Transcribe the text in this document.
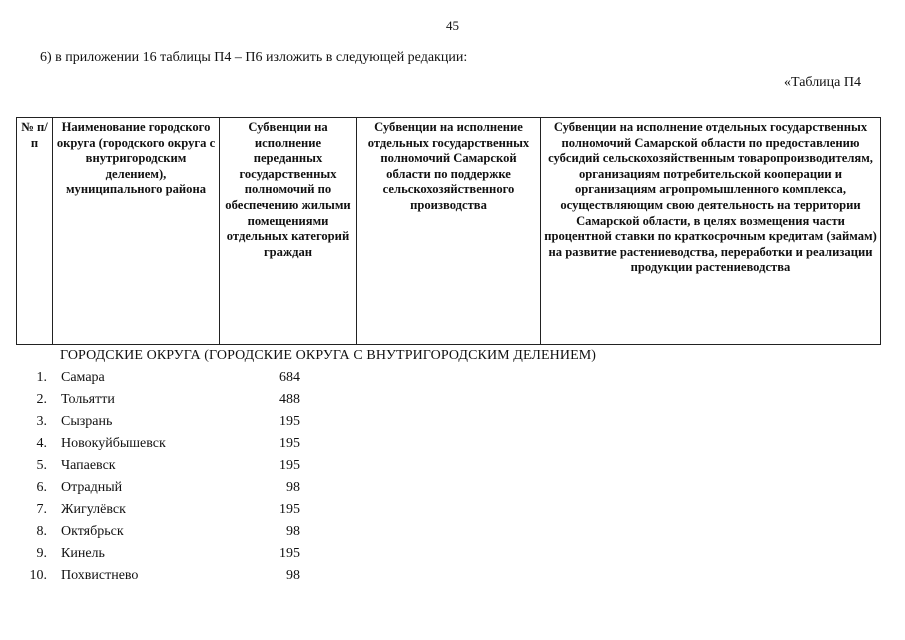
45
6) в приложении 16 таблицы П4 – П6 изложить в следующей редакции:
«Таблица П4
№ п/п	Наименование городского округа (городского округа с внутригородским делением), муниципального района	Субвенции на исполнение переданных государственных полномочий по обеспечению жилыми помещениями отдельных категорий граждан	Субвенции на исполнение отдельных государственных полномочий Самарской области по поддержке сельскохозяйственного производства	Субвенции на исполнение отдельных государственных полномочий Самарской области по предоставлению субсидий сельскохозяйственным товаропроизводителям, организациям потребительской кооперации и организациям агропромышленного комплекса, осуществляющим свою деятельность на территории Самарской области, в целях возмещения части процентной ставки по краткосрочным кредитам (займам) на развитие растениеводства, переработки и реализации продукции растениеводства
ГОРОДСКИЕ ОКРУГА (ГОРОДСКИЕ ОКРУГА С ВНУТРИГОРОДСКИМ ДЕЛЕНИЕМ)
1. Самара	684
2. Тольятти	488
3. Сызрань	195
4. Новокуйбышевск	195
5. Чапаевск	195
6. Отрадный	98
7. Жигулёвск	195
8. Октябрьск	98
9. Кинель	195
10. Похвистнево	98
